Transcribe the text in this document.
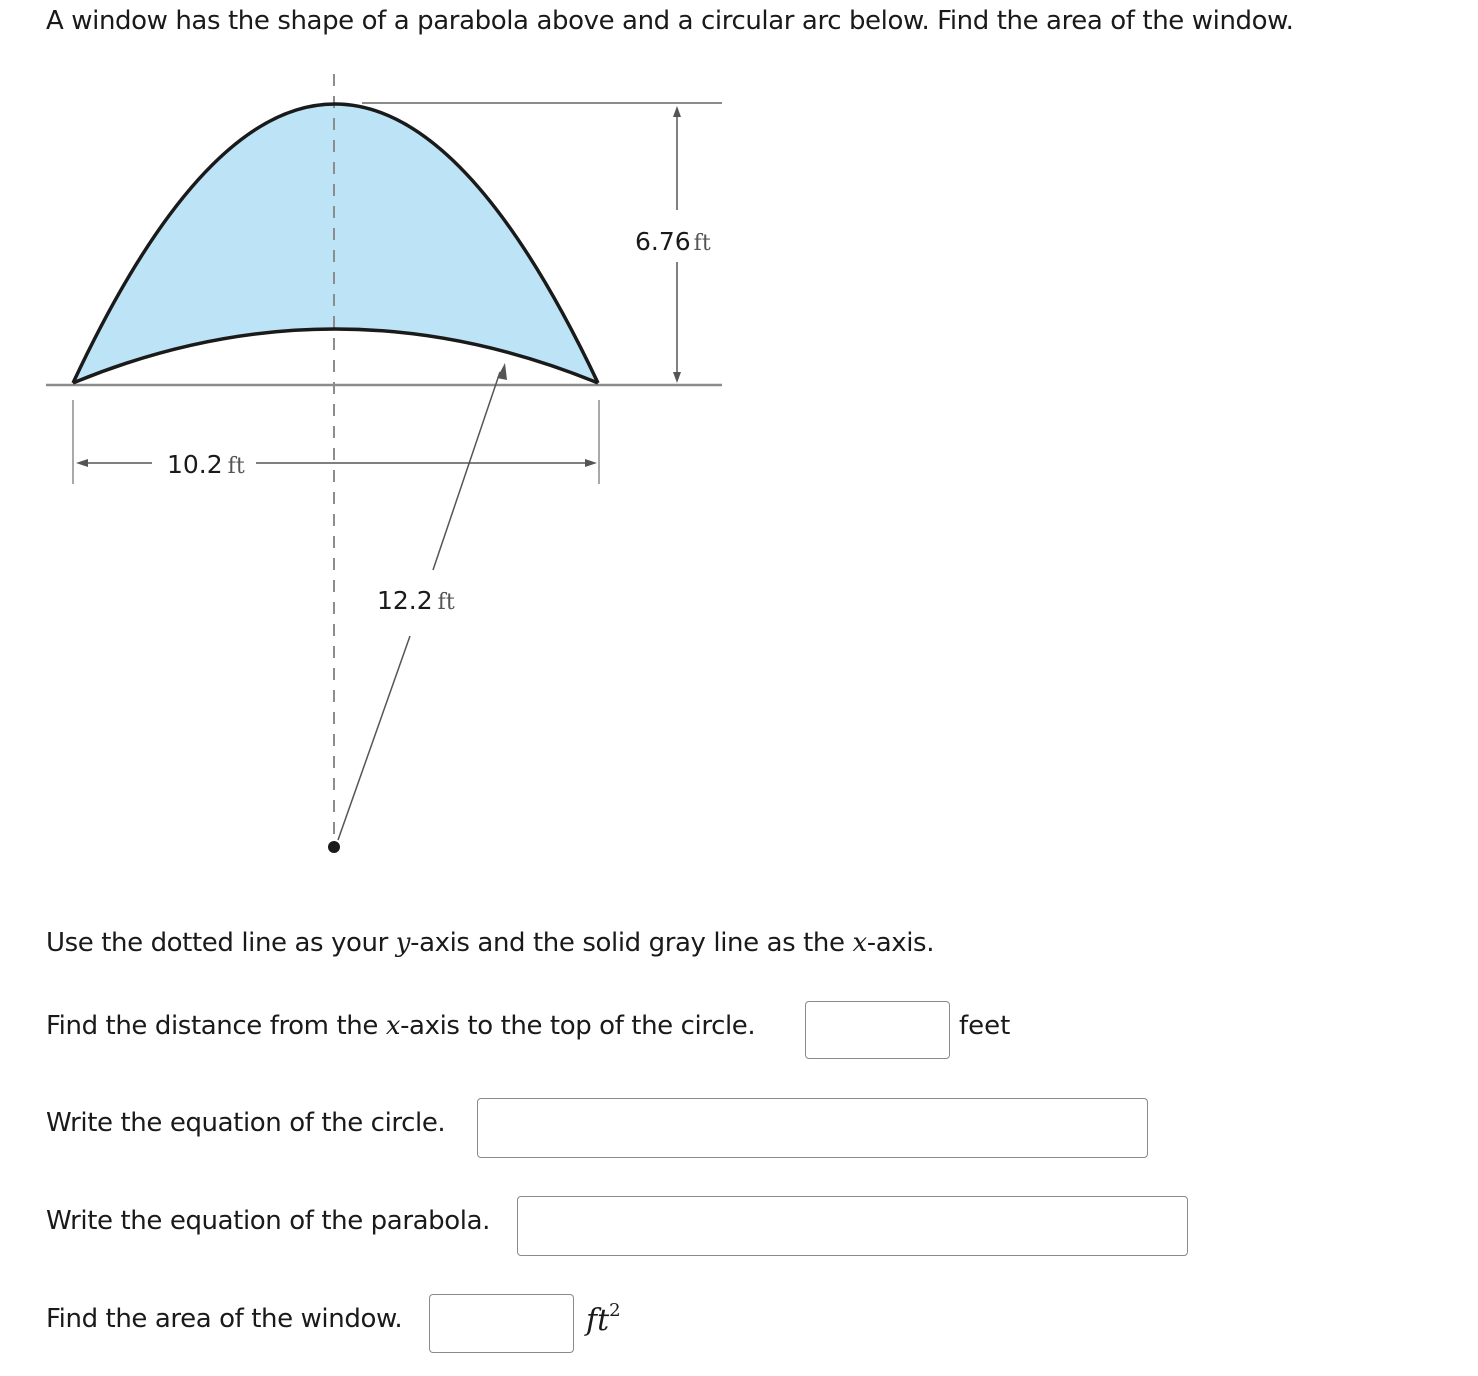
A window has the shape of a parabola above and a circular arc below. Find the area of the window.
6.76 ft
10.2 ft
12.2 ft
Use the dotted line as your y-axis and the solid gray line as the x-axis.
Find the distance from the x-axis to the top of the circle.	feet
Write the equation of the circle.
Write the equation of the parabola.
Find the area of the window.	$ft^2$
